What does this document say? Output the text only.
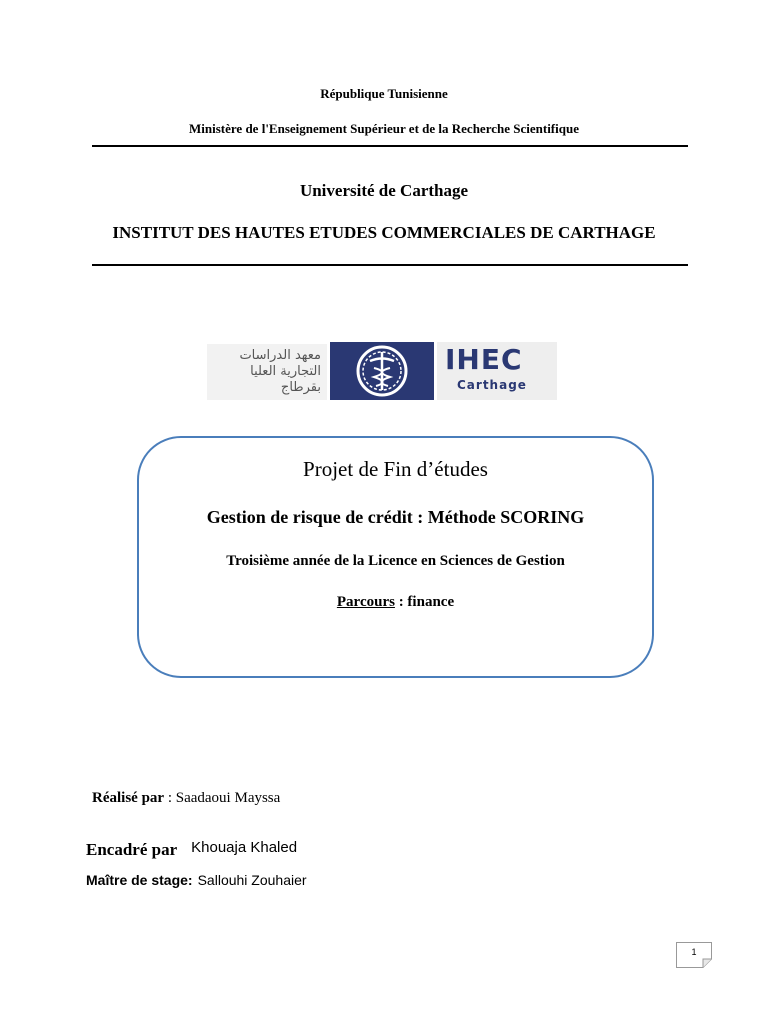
République Tunisienne
Ministère de l'Enseignement Supérieur et de la Recherche Scientifique
Université de Carthage
INSTITUT DES HAUTES ETUDES COMMERCIALES DE CARTHAGE
معهد الدراسات
التجارية العليا
بقرطاج
IHEC
Carthage
Projet de Fin d’études
Gestion de risque de crédit : Méthode SCORING
Troisième année de la Licence en Sciences de Gestion
Parcours : finance
Réalisé par : Saadaoui Mayssa
Encadré par Khouaja Khaled
Maître de stage: Sallouhi Zouhaier
1
